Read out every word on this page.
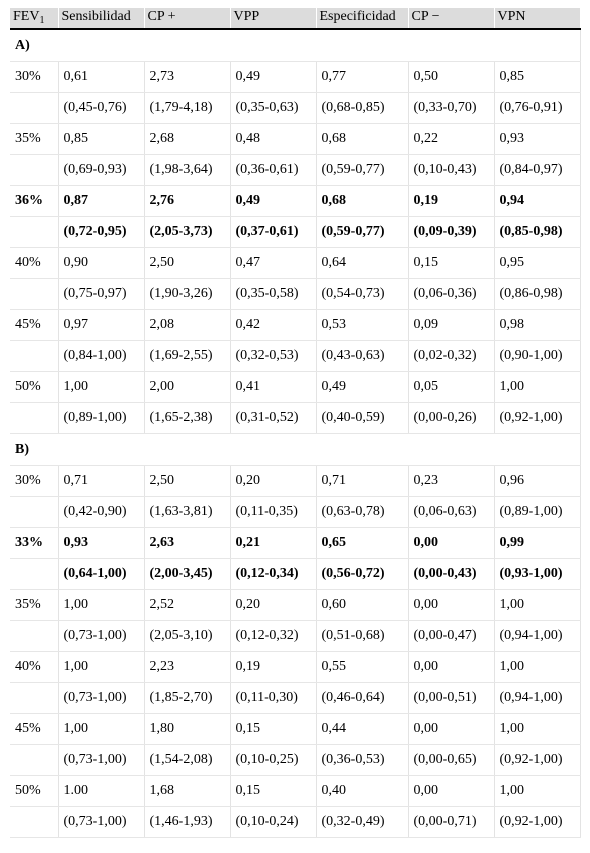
$FEV_1$	Sensibilidad	CP +	VPP	Especificidad	CP −	VPN
A)						
30%	0,61	2,73	0,49	0,77	0,50	0,85
	(0,45-0,76)	(1,79-4,18)	(0,35-0,63)	(0,68-0,85)	(0,33-0,70)	(0,76-0,91)
35%	0,85	2,68	0,48	0,68	0,22	0,93
	(0,69-0,93)	(1,98-3,64)	(0,36-0,61)	(0,59-0,77)	(0,10-0,43)	(0,84-0,97)
36%	0,87	2,76	0,49	0,68	0,19	0,94
	(0,72-0,95)	(2,05-3,73)	(0,37-0,61)	(0,59-0,77)	(0,09-0,39)	(0,85-0,98)
40%	0,90	2,50	0,47	0,64	0,15	0,95
	(0,75-0,97)	(1,90-3,26)	(0,35-0,58)	(0,54-0,73)	(0,06-0,36)	(0,86-0,98)
45%	0,97	2,08	0,42	0,53	0,09	0,98
	(0,84-1,00)	(1,69-2,55)	(0,32-0,53)	(0,43-0,63)	(0,02-0,32)	(0,90-1,00)
50%	1,00	2,00	0,41	0,49	0,05	1,00
	(0,89-1,00)	(1,65-2,38)	(0,31-0,52)	(0,40-0,59)	(0,00-0,26)	(0,92-1,00)
B)						
30%	0,71	2,50	0,20	0,71	0,23	0,96
	(0,42-0,90)	(1,63-3,81)	(0,11-0,35)	(0,63-0,78)	(0,06-0,63)	(0,89-1,00)
33%	0,93	2,63	0,21	0,65	0,00	0,99
	(0,64-1,00)	(2,00-3,45)	(0,12-0,34)	(0,56-0,72)	(0,00-0,43)	(0,93-1,00)
35%	1,00	2,52	0,20	0,60	0,00	1,00
	(0,73-1,00)	(2,05-3,10)	(0,12-0,32)	(0,51-0,68)	(0,00-0,47)	(0,94-1,00)
40%	1,00	2,23	0,19	0,55	0,00	1,00
	(0,73-1,00)	(1,85-2,70)	(0,11-0,30)	(0,46-0,64)	(0,00-0,51)	(0,94-1,00)
45%	1,00	1,80	0,15	0,44	0,00	1,00
	(0,73-1,00)	(1,54-2,08)	(0,10-0,25)	(0,36-0,53)	(0,00-0,65)	(0,92-1,00)
50%	1.00	1,68	0,15	0,40	0,00	1,00
	(0,73-1,00)	(1,46-1,93)	(0,10-0,24)	(0,32-0,49)	(0,00-0,71)	(0,92-1,00)
